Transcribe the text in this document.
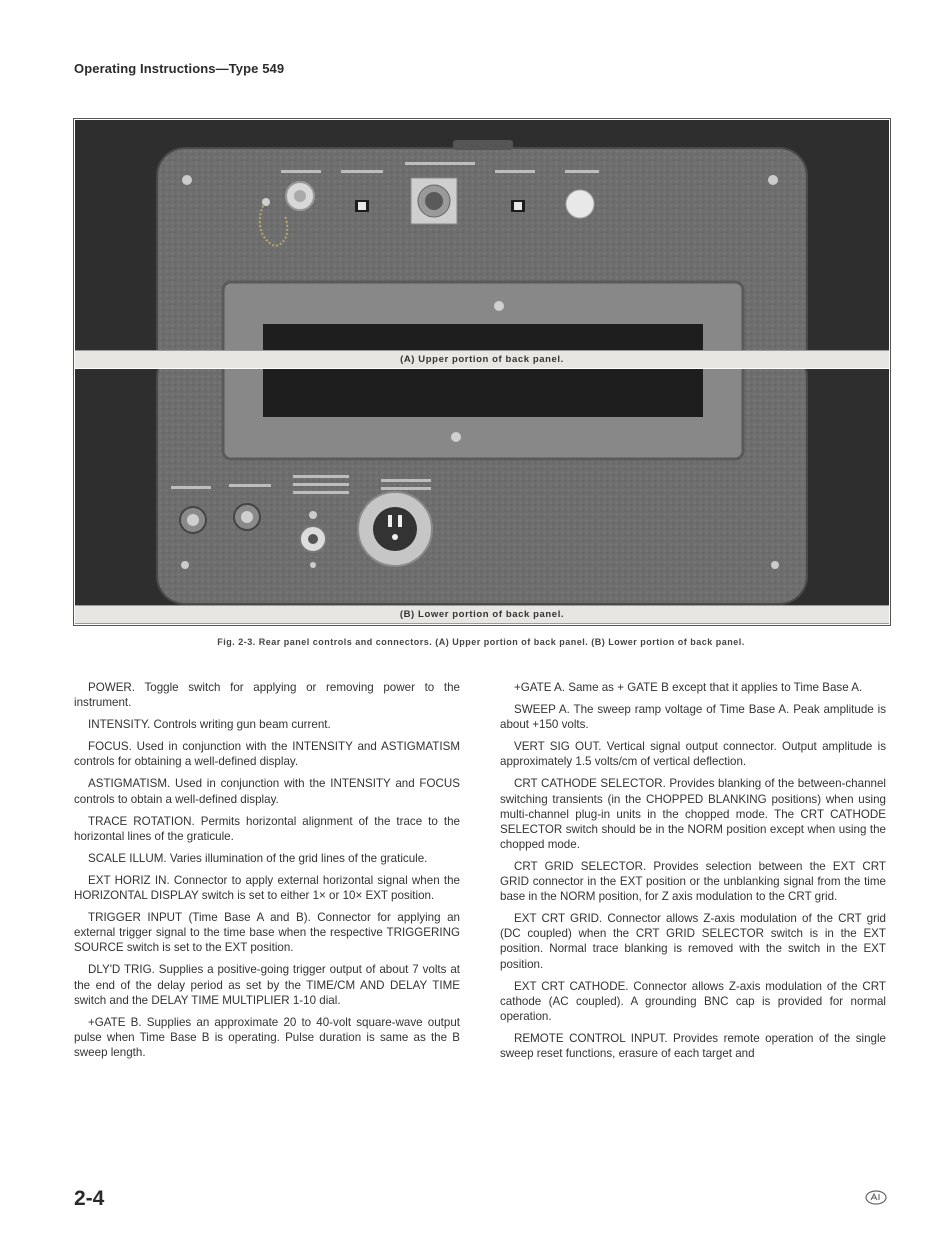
Operating Instructions—Type 549
(A) Upper portion of back panel.
(B) Lower portion of back panel.
Fig. 2-3. Rear panel controls and connectors. (A) Upper portion of back panel. (B) Lower portion of back panel.

POWER. Toggle switch for applying or removing power to the instrument.

INTENSITY. Controls writing gun beam current.

FOCUS. Used in conjunction with the INTENSITY and ASTIGMATISM controls for obtaining a well-defined display.

ASTIGMATISM. Used in conjunction with the INTENSITY and FOCUS controls to obtain a well-defined display.

TRACE ROTATION. Permits horizontal alignment of the trace to the horizontal lines of the graticule.

SCALE ILLUM. Varies illumination of the grid lines of the graticule.

EXT HORIZ IN. Connector to apply external horizontal signal when the HORIZONTAL DISPLAY switch is set to either 1× or 10× EXT position.

TRIGGER INPUT (Time Base A and B). Connector for applying an external trigger signal to the time base when the respective TRIGGERING SOURCE switch is set to the EXT position.

DLY'D TRIG. Supplies a positive-going trigger output of about 7 volts at the end of the delay period as set by the TIME/CM AND DELAY TIME switch and the DELAY TIME MULTIPLIER 1-10 dial.

+GATE B. Supplies an approximate 20 to 40-volt square-wave output pulse when Time Base B is operating. Pulse duration is same as the B sweep length.

+GATE A. Same as + GATE B except that it applies to Time Base A.

SWEEP A. The sweep ramp voltage of Time Base A. Peak amplitude is about +150 volts.

VERT SIG OUT. Vertical signal output connector. Output amplitude is approximately 1.5 volts/cm of vertical deflection.

CRT CATHODE SELECTOR. Provides blanking of the between-channel switching transients (in the CHOPPED BLANKING positions) when using multi-channel plug-in units in the chopped mode. The CRT CATHODE SELECTOR switch should be in the NORM position except when using the chopped mode.

CRT GRID SELECTOR. Provides selection between the EXT CRT GRID connector in the EXT position or the unblanking signal from the time base in the NORM position, for Z axis modulation to the CRT grid.

EXT CRT GRID. Connector allows Z-axis modulation of the CRT grid (DC coupled) when the CRT GRID SELECTOR switch is in the EXT position. Normal trace blanking is removed with the switch in the EXT position.

EXT CRT CATHODE. Connector allows Z-axis modulation of the CRT cathode (AC coupled). A grounding BNC cap is provided for normal operation.

REMOTE CONTROL INPUT. Provides remote operation of the single sweep reset functions, erasure of each target and

2-4
